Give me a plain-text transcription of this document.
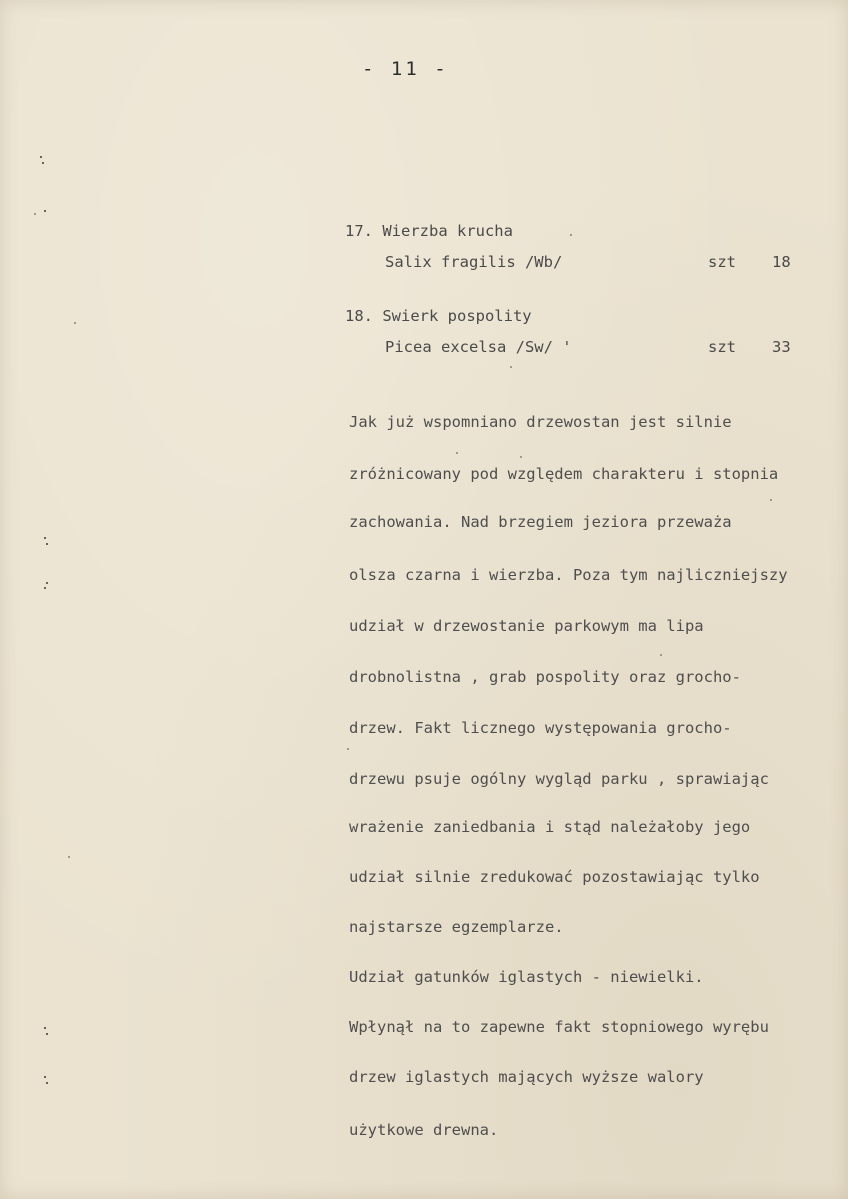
- 11 -
17. Wierzba krucha
Salix fragilis /Wb/	szt 18
18. Swierk pospolity
Picea excelsa /Sw/ '	szt 33
Jak już wspomniano drzewostan jest silnie
zróżnicowany pod względem charakteru i stopnia
zachowania. Nad brzegiem jeziora przeważa
olsza czarna i wierzba. Poza tym najliczniejszy
udział w drzewostanie parkowym ma lipa
drobnolistna , grab pospolity oraz grocho-
drzew. Fakt licznego występowania grocho-
drzewu psuje ogólny wygląd parku , sprawiając
wrażenie zaniedbania i stąd należałoby jego
udział silnie zredukować pozostawiając tylko
najstarsze egzemplarze.
Udział gatunków iglastych - niewielki.
Wpłynął na to zapewne fakt stopniowego wyrębu
drzew iglastych mających wyższe walory
użytkowe drewna.
